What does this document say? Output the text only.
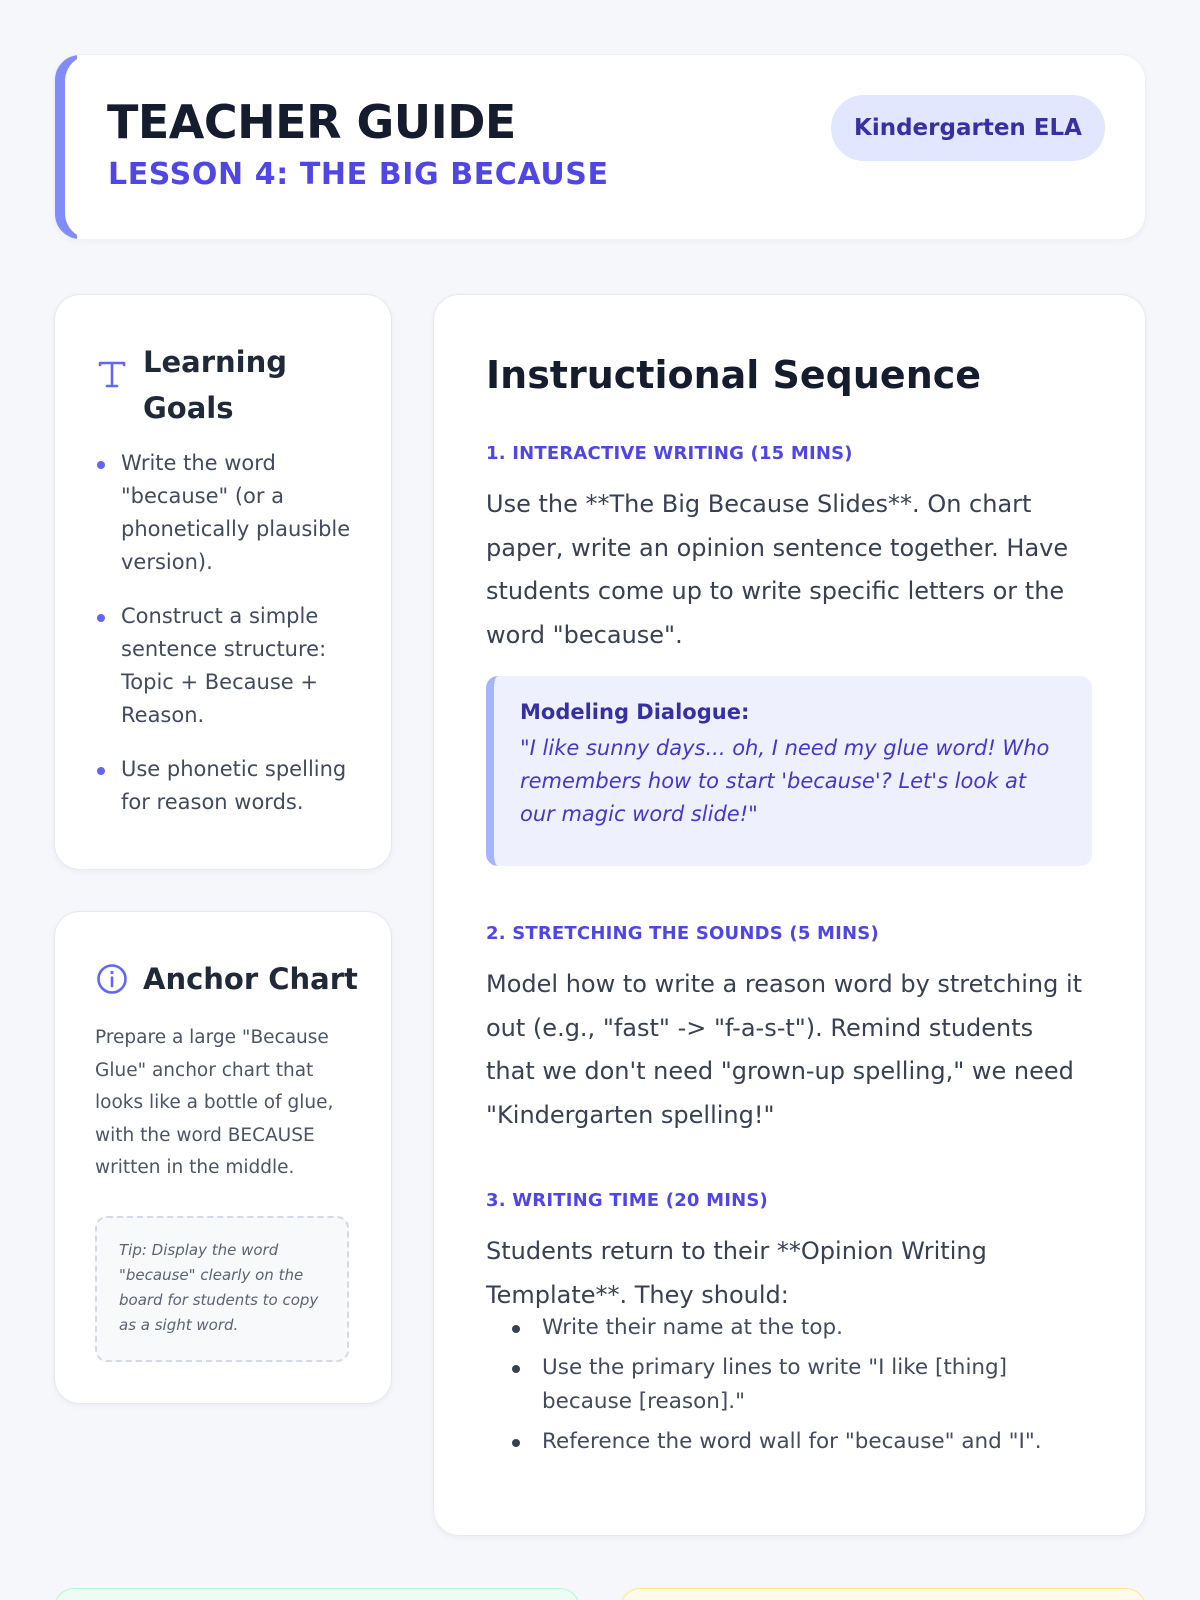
TEACHER GUIDE
LESSON 4: THE BIG BECAUSE
Kindergarten ELA
Learning
Goals
Write the word "because" (or a phonetically plausible version).
Construct a simple sentence structure: Topic + Because + Reason.
Use phonetic spelling for reason words.
Anchor Chart

Prepare a large "Because Glue" anchor chart that looks like a bottle of glue, with the word BECAUSE written in the middle.

Tip: Display the word "because" clearly on the board for students to copy as a sight word.
Instructional Sequence
1. INTERACTIVE WRITING (15 MINS)

Use the **The Big Because Slides**. On chart paper, write an opinion sentence together. Have students come up to write specific letters or the word "because".

Modeling Dialogue:
"I like sunny days... oh, I need my glue word! Who remembers how to start 'because'? Let's look at our magic word slide!"
2. STRETCHING THE SOUNDS (5 MINS)

Model how to write a reason word by stretching it out (e.g., "fast" -> "f-a-s-t"). Remind students that we don't need "grown-up spelling," we need "Kindergarten spelling!"

3. WRITING TIME (20 MINS)

Students return to their **Opinion Writing Template**. They should:

Write their name at the top.
Use the primary lines to write "I like [thing] because [reason]."
Reference the word wall for "because" and "I".
